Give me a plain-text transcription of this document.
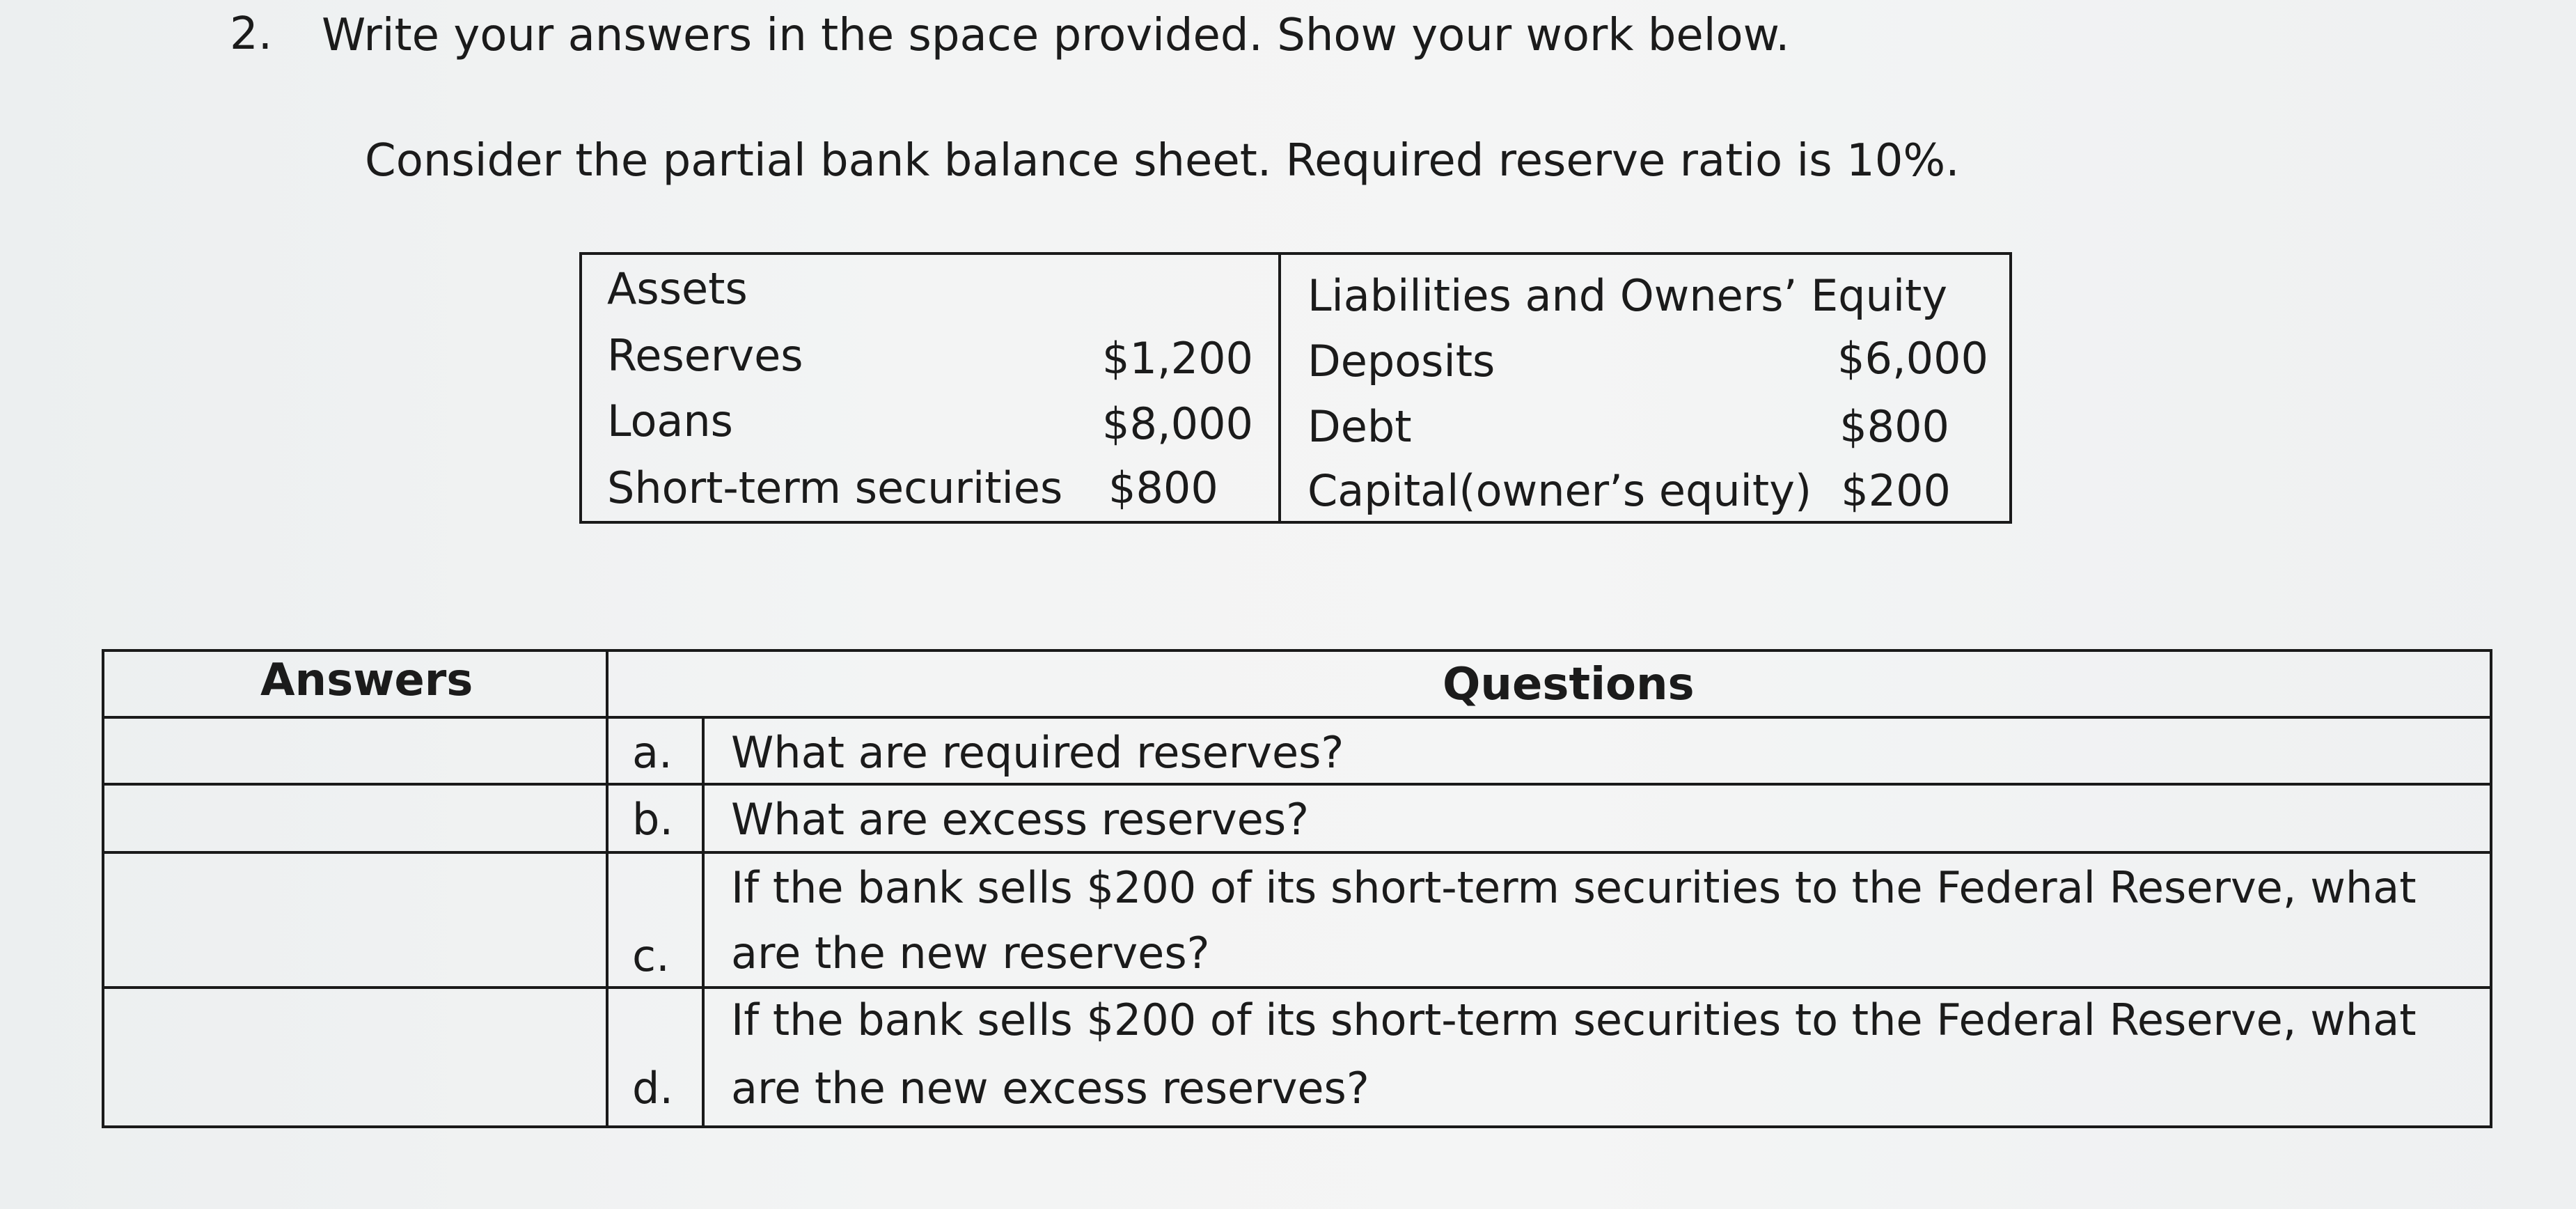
2. Write your answers in the space provided. Show your work below.
Consider the partial bank balance sheet. Required reserve ratio is 10%.
Assets	Liabilities and Owners’ Equity
Reserves	$1,200 Deposits	$6,000
Loans	$8,000 Debt	$800
Short-term securities $800 Capital(owner’s equity) $200
Answers	Questions
a. What are required reserves?
b. What are excess reserves?
c.
If the bank sells $200 of its short-term securities to the Federal Reserve, what
are the new reserves?
d.
If the bank sells $200 of its short-term securities to the Federal Reserve, what
are the new excess reserves?
